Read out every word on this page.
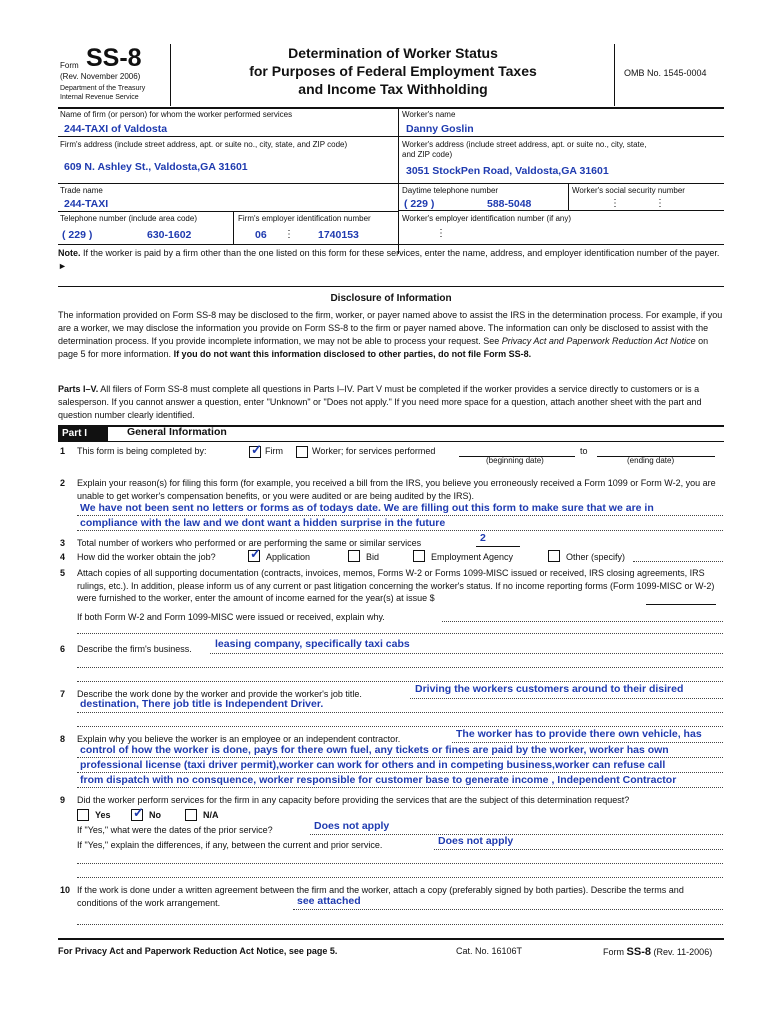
Form SS-8
(Rev. November 2006)
Department of the Treasury
Internal Revenue Service
Determination of Worker Status
for Purposes of Federal Employment Taxes
and Income Tax Withholding
OMB No. 1545-0004
Name of firm (or person) for whom the worker performed services
244-TAXI of Valdosta
Worker's name
Danny Goslin
Firm's address (include street address, apt. or suite no., city, state, and ZIP code)
609 N. Ashley St., Valdosta,GA 31601
Worker's address (include street address, apt. or suite no., city, state,
and ZIP code)
3051 StockPen Road, Valdosta,GA 31601
Trade name
244-TAXI
Daytime telephone number
( 229 )	588-5048
Worker's social security number
⋮	⋮
Telephone number (include area code)
( 229 )	630-1602
Firm's employer identification number
06 ⋮ 1740153
Worker's employer identification number (if any)
⋮
Note. If the worker is paid by a firm other than the one listed on this form for these services, enter the name, address, and employer identification number of the payer. ►
Disclosure of Information
The information provided on Form SS-8 may be disclosed to the firm, worker, or payer named above to assist the IRS in the determination process. For example, if you are a worker, we may disclose the information you provide on Form SS-8 to the firm or payer named above. The information can only be disclosed to assist with the determination process. If you provide incomplete information, we may not be able to process your request. See Privacy Act and Paperwork Reduction Act Notice on page 5 for more information. If you do not want this information disclosed to other parties, do not file Form SS-8.
Parts I–V. All filers of Form SS-8 must complete all questions in Parts I–IV. Part V must be completed if the worker provides a service directly to customers or is a salesperson. If you cannot answer a question, enter "Unknown" or "Does not apply." If you need more space for a question, attach another sheet with the part and question number clearly identified.
Part I	General Information
1 This form is being completed by:	✓ Firm	Worker; for services performed	to
(beginning date)	(ending date)
2 Explain your reason(s) for filing this form (for example, you received a bill from the IRS, you believe you erroneously received a Form 1099 or Form W-2, you are unable to get worker's compensation benefits, or you were audited or are being audited by the IRS).
We have not been sent no letters or forms as of todays date. We are filling out this form to make sure that we are in
compliance with the law and we dont want a hidden surprise in the future
3 Total number of workers who performed or are performing the same or similar services	2
4 How did the worker obtain the job?	✓ Application	Bid	Employment Agency	Other (specify)
5 Attach copies of all supporting documentation (contracts, invoices, memos, Forms W-2 or Forms 1099-MISC issued or received, IRS closing agreements, IRS rulings, etc.). In addition, please inform us of any current or past litigation concerning the worker's status. If no income reporting forms (Form 1099-MISC or W-2) were furnished to the worker, enter the amount of income earned for the year(s) at issue $
If both Form W-2 and Form 1099-MISC were issued or received, explain why.
6 Describe the firm's business. leasing company, specifically taxi cabs
7 Describe the work done by the worker and provide the worker's job title.	Driving the workers customers around to their disired
destination, There job title is Independent Driver.
8 Explain why you believe the worker is an employee or an independent contractor.	The worker has to provide there own vehicle, has
control of how the worker is done, pays for there own fuel, any tickets or fines are paid by the worker, worker has own
professional license (taxi driver permit),worker can work for others and in competing business,worker can refuse call
from dispatch with no consquence, worker responsible for customer base to generate income , Independent Contractor
9 Did the worker perform services for the firm in any capacity before providing the services that are the subject of this determination request?
Yes ✓ No	N/A
If "Yes," what were the dates of the prior service?	Does not apply
If "Yes," explain the differences, if any, between the current and prior service.	Does not apply
10 If the work is done under a written agreement between the firm and the worker, attach a copy (preferably signed by both parties). Describe the terms and conditions of the work arrangement.	see attached
For Privacy Act and Paperwork Reduction Act Notice, see page 5.	Cat. No. 16106T	Form SS-8 (Rev. 11-2006)
